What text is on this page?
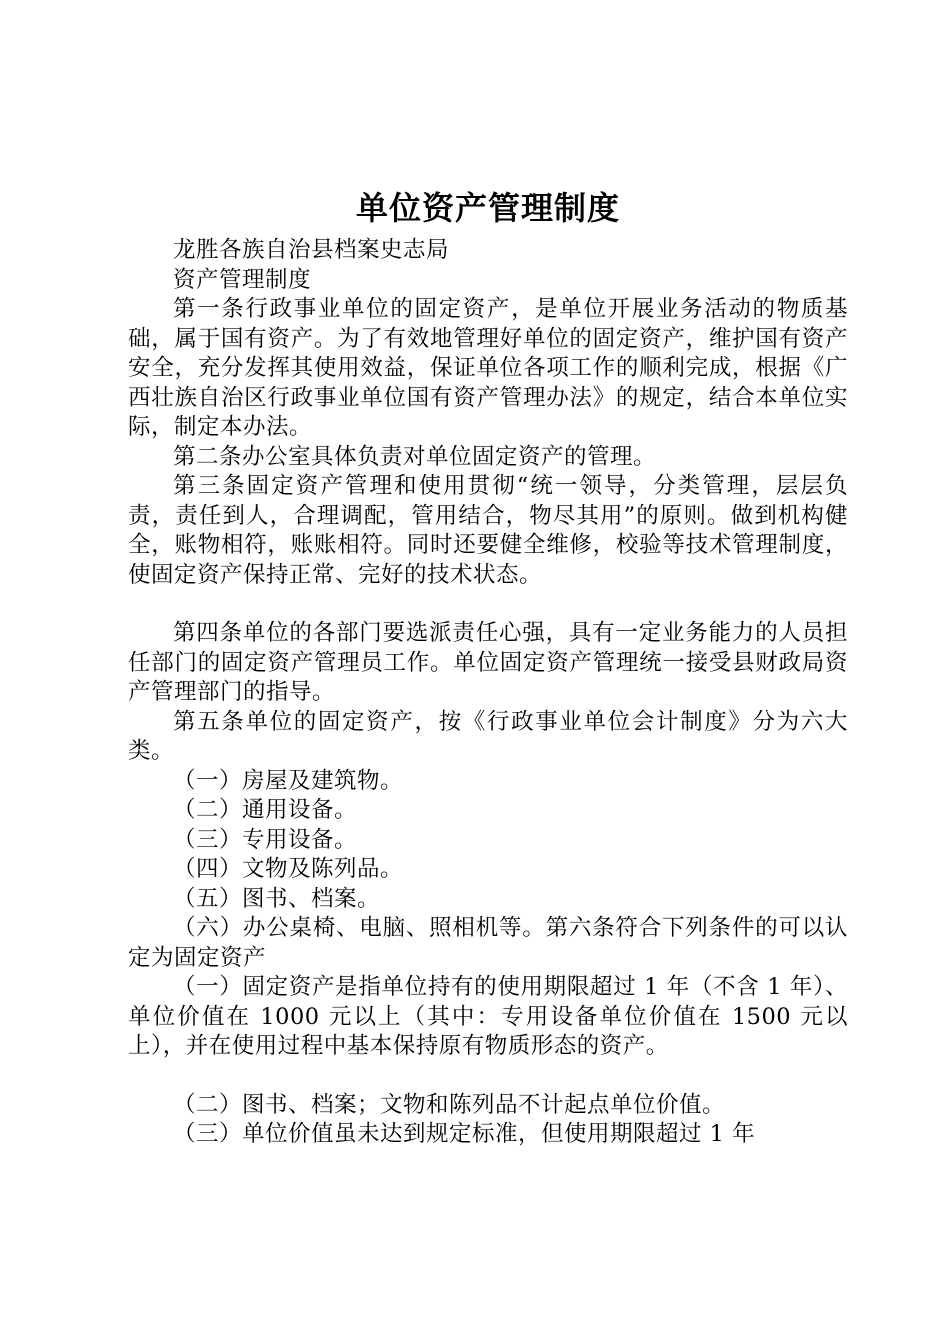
单位资产管理制度

龙胜各族自治县档案史志局

资产管理制度

第一条行政事业单位的固定资产，是单位开展业务活动的物质基础，属于国有资产。为了有效地管理好单位的固定资产，维护国有资产安全，充分发挥其使用效益，保证单位各项工作的顺利完成，根据《广西壮族自治区行政事业单位国有资产管理办法》的规定，结合本单位实际，制定本办法。

第二条办公室具体负责对单位固定资产的管理。

第三条固定资产管理和使用贯彻“统一领导，分类管理，层层负责，责任到人，合理调配，管用结合，物尽其用”的原则。做到机构健全，账物相符，账账相符。同时还要健全维修，校验等技术管理制度，使固定资产保持正常、完好的技术状态。

第四条单位的各部门要选派责任心强，具有一定业务能力的人员担任部门的固定资产管理员工作。单位固定资产管理统一接受县财政局资产管理部门的指导。

第五条单位的固定资产，按《行政事业单位会计制度》分为六大类。

（一）房屋及建筑物。

（二）通用设备。

（三）专用设备。

（四）文物及陈列品。

（五）图书、档案。

（六）办公桌椅、电脑、照相机等。第六条符合下列条件的可以认定为固定资产

（一）固定资产是指单位持有的使用期限超过 1 年（不含 1 年）、单位价值在 1000 元以上（其中：专用设备单位价值在 1500 元以上），并在使用过程中基本保持原有物质形态的资产。

（二）图书、档案；文物和陈列品不计起点单位价值。

（三）单位价值虽未达到规定标准，但使用期限超过 1 年
